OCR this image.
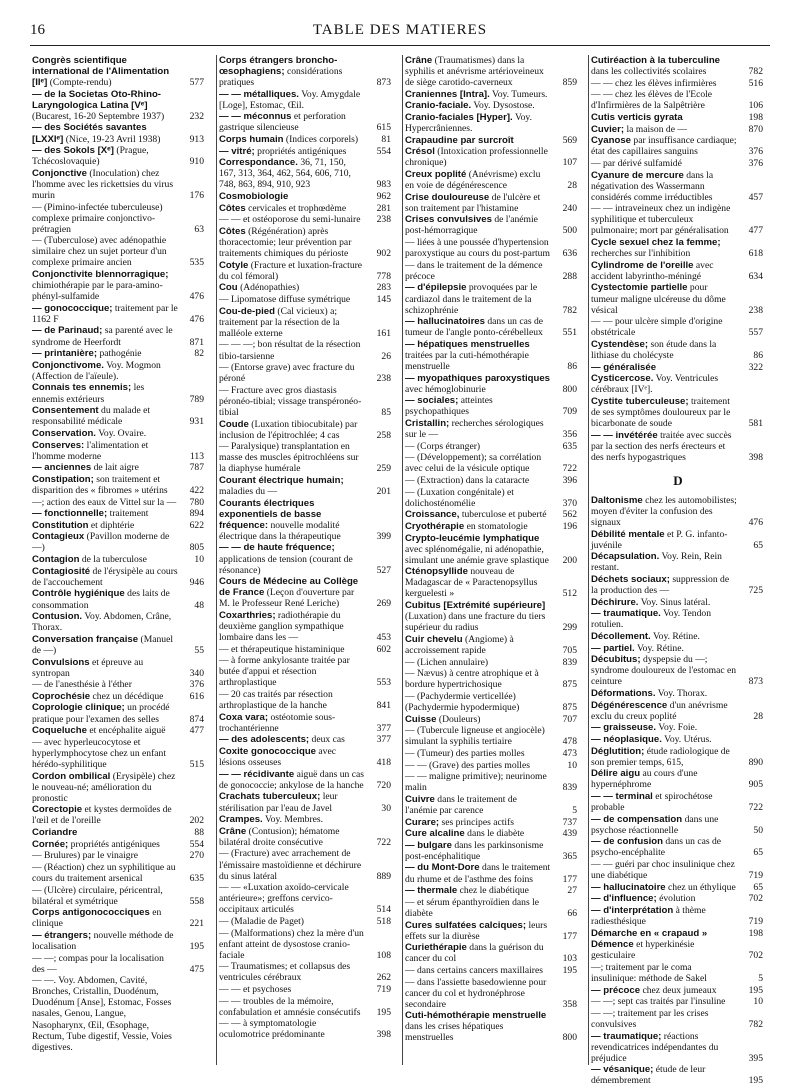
16	TABLE DES MATIERES
Congrès scientifique international de l'Alimentation [IIᵉ] (Compte-rendu)	577
— de la Societas Oto-Rhino-Laryngologica Latina [Vᵉ] (Bucarest, 16-20 Septembre 1937)	232
— des Sociétés savantes [LXXIᵉ] (Nice, 19-23 Avril 1938)	913
— des Sokols [Xᵉ] (Prague, Tchécoslovaquie)	910
Conjonctive (Inoculation) chez l'homme avec les rickettsies du virus murin	176
— (Pimino-infectée tuberculeuse) complexe primaire conjonctivo-prétragien	63
— (Tuberculose) avec adénopathie similaire chez un sujet porteur d'un complexe primaire ancien	535
Conjonctivite blennorragique; chimiothérapie par le para-amino-phényl-sulfamide	476
— gonococcique; traitement par le 1162 F	476
— de Parinaud; sa parenté avec le syndrome de Heerfordt	871
— printanière; pathogénie	82
Conjonctivome. Voy. Mogmon (Affection de l'aïeule).
Connais tes ennemis; les ennemis extérieurs	789
Consentement du malade et responsabilité médicale	931
Conservation. Voy. Ovaire.
Conserves: l'alimentation et l'homme moderne	113
— anciennes de lait aigre	787
Constipation; son traitement et disparition des « fibromes » utérins 422
—; action des eaux de Vittel sur la — 780
— fonctionnelle; traitement	894
Constitution et diphtérie	622
Contagieux (Pavillon moderne de —)	805
Contagion de la tuberculose	10
Contagiosité de l'érysipèle au cours de l'accouchement	946
Contrôle hygiénique des laits de consommation	48
Contusion. Voy. Abdomen, Crâne, Thorax.
Conversation française (Manuel de —)	55
Convulsions et épreuve au syntropan	340
— de l'anesthésie à l'éther	376
Coprochésie chez un décédique	616
Coprologie clinique; un procédé pratique pour l'examen des selles	874
Coqueluche et encéphalite aiguë	477
— avec hyperleucocytose et hyperlymphocytose chez un enfant hérédo-syphilitique	515
Cordon ombilical (Erysipèle) chez le nouveau-né; amélioration du pronostic
Corectopie et kystes dermoïdes de l'œil et de l'oreille	202
Coriandre	88
Cornée; propriétés antigéniques	554
— Brulures) par le vinaigre	270
— (Réaction) chez un syphilitique au cours du traitement arsenical	635
— (Ulcère) circulaire, péricentral, bilatéral et symétrique	558
Corps antigonococciques en clinique	221
— étrangers; nouvelle méthode de localisation	195
— —; compas pour la localisation des —	475
— —. Voy. Abdomen, Cavité, Bronches, Cristallin, Duodénum, Duodénum [Anse], Estomac, Fosses nasales, Genou, Langue, Nasopharynx, Œil, Œsophage, Rectum, Tube digestif, Vessie, Voies digestives.
Corps étrangers broncho-œsophagiens; considérations pratiques	873
— — métalliques. Voy. Amygdale [Loge], Estomac, Œil.
— — méconnus et perforation gastrique silencieuse	615
Corps humain (Indices corporels) 81
— vitré; propriétés antigéniques	554
Correspondance. 36, 71, 150, 167, 313, 364, 462, 564, 606, 710, 748, 863, 894, 910, 923	983
Cosmobiologie	962
Côtes cervicales et trophœdème	281
— — et ostéoporose du semi-lunaire 238
Côtes (Régénération) après thoracectomie; leur prévention par traitements chimiques du périoste	902
Cotyle (Fracture et luxation-fracture du col fémoral)	778
Cou (Adénopathies)	283
— Lipomatose diffuse symétrique	145
Cou-de-pied (Cal vicieux) a; traitement par la résection de la malléole externe	161
— — —; bon résultat de la résection tibio-tarsienne	26
— (Entorse grave) avec fracture du péroné	238
— Fracture avec gros diastasis péronéo-tibial; vissage transpéronéo-tibial	85
Coude (Luxation tibiocubitale) par inclusion de l'épitrochlée; 4 cas	258
— Paralysique) transplantation en masse des muscles épitrochléens sur la diaphyse humérale	259
Courant électrique humain; maladies du —	201
Courants électriques exponentiels de basse fréquence: nouvelle modalité électrique dans la thérapeutique	399
— — de haute fréquence; applications de tension (courant de résonance)	527
Cours de Médecine au Collège de France (Leçon d'ouverture par M. le Professeur René Leriche)	269
Coxarthries; radiothérapie du deuxième ganglion sympathique lombaire dans les —	453
— et thérapeutique histaminique	602
— à forme ankylosante traitée par butée d'appui et résection arthroplastique	553
— 20 cas traités par résection arthroplastique de la hanche	841
Coxa vara; ostéotomie sous-trochantérienne	377
— des adolescents; deux cas	377
Coxite gonococcique avec lésions osseuses	418
— — récidivante aiguë dans un cas de gonococcie; ankylose de la hanche 720
Crachats tuberculeux; leur stérilisation par l'eau de Javel	30
Crampes. Voy. Membres.
Crâne (Contusion); hématome bilatéral droite consécutive	722
— (Fracture) avec arrachement de l'émissaire mastoïdienne et déchirure du sinus latéral	889
— — «Luxation axoïdo-cervicale antérieure»; greffons cervico-occipitaux articulés	514
— (Maladie de Paget)	518
— (Malformations) chez la mère d'un enfant atteint de dysostose cranio-faciale	108
— Traumatismes; et collapsus des ventricules cérébraux	262
— — et psychoses	719
— — troubles de la mémoire, confabulation et amnésie consécutifs 195
— — à symptomatologie oculomotrice prédominante	398
Crâne (Traumatismes) dans la syphilis et anévrisme artérioveineux de siège carotido-caverneux	859
Craniennes [Intra]. Voy. Tumeurs.
Cranio-faciale. Voy. Dysostose.
Cranio-faciales [Hyper]. Voy. Hypercrâniennes.
Crapaudine par surcroît	569
Crésol (Intoxication professionnelle chronique)	107
Creux poplité (Anévrisme) exclu en voie de dégénérescence	28
Crise douloureuse de l'ulcère et son traitement par l'histamine	240
Crises convulsives de l'anémie post-hémorragique	500
— liées à une poussée d'hypertension paroxystique au cours du post-partum 636
— dans le traitement de la démence précoce	288
— d'épilepsie provoquées par le cardiazol dans le traitement de la schizophrénie	782
— hallucinatoires dans un cas de tumeur de l'angle ponto-cérébelleux 551
— hépatiques menstruelles traitées par la cuti-hémothérapie menstruelle	86
— myopathiques paroxystiques avec hémoglobinurie	800
— sociales; atteintes psychopathiques	709
Cristallin; recherches sérologiques sur le —	356
— (Corps étranger)	635
— (Développement); sa corrélation avec celui de la vésicule optique	722
— (Extraction) dans la cataracte	396
— (Luxation congénitale) et dolichosténomélie	370
Croissance, tuberculose et puberté 562
Cryothérapie en stomatologie	196
Crypto-leucémie lymphatique avec splénomégalie, ni adénopathie, simulant une anémie grave splastique 200
Cténopsyllide nouveau de Madagascar de « Paractenopsyllus kerguelesti »	512
Cubitus [Extrémité supérieure] (Luxation) dans une fracture du tiers supérieur du radius	299
Cuir chevelu (Angiome) à accroissement rapide	705
— (Lichen annulaire)	839
— Nævus) à centre atrophique et à bordure hypertrichosique	875
— (Pachydermie verticellée) (Pachydermie hypodermique)	875
Cuisse (Douleurs)	707
— (Tubercule ligneuse et angiocèle) simulant la syphilis tertiaire	478
— (Tumeur) des parties molles	473
— — (Grave) des parties molles	10
— — maligne primitive); neurinome malin	839
Cuivre dans le traitement de l'anémie par carence	5
Curare; ses principes actifs	737
Cure alcaline dans le diabète	439
— bulgare dans les parkinsonisme post-encéphalitique	365
— du Mont-Dore dans le traitement du rhume et de l'asthme des foins	177
— thermale chez le diabétique	27
— et sérum épanthyroïdien dans le diabète	66
Cures sulfatées calciques; leurs effets sur la diurèse	177
Curiethérapie dans la guérison du cancer du col	103
— dans certains cancers maxillaires 195
— dans l'assiette basedowienne pour cancer du col et hydronéphrose secondaire	358
Cuti-hémothérapie menstruelle dans les crises hépatiques menstruelles	800
Cutiréaction à la tuberculine dans les collectivités scolaires	782
— — chez les élèves infirmières	516
— — chez les élèves de l'Ecole d'Infirmières de la Salpêtrière	106
Cutis verticis gyrata	198
Cuvier; la maison de —	870
Cyanose par insuffisance cardiaque; état des capillaires sanguins	376
— par dérivé sulfamidé	376
Cyanure de mercure dans la négativation des Wassermann considérés comme irréductibles	457
— — intraveineux chez un indigène syphilitique et tuberculeux pulmonaire; mort par généralisation 477
Cycle sexuel chez la femme; recherches sur l'inhibition	618
Cylindrome de l'oreille avec accident labyrintho-méningé	634
Cystectomie partielle pour tumeur maligne ulcéreuse du dôme vésical	238
— — pour ulcère simple d'origine obstétricale	557
Cystendèse; son étude dans la lithiase du cholécyste	86
— généralisée	322
Cysticercose. Voy. Ventricules cérébraux [IVᵉ].
Cystite tuberculeuse; traitement de ses symptômes douloureux par le bicarbonate de soude	581
— — invétérée traitée avec succès par la section des nerfs érecteurs et des nerfs hypogastriques	398
D
Daltonisme chez les automobilistes; moyen d'éviter la confusion des signaux	476
Débilité mentale et P. G. infanto-juvénile	65
Décapsulation. Voy. Rein, Rein restant.
Déchets sociaux; suppression de la production des —	725
Déchirure. Voy. Sinus latéral.
— traumatique. Voy. Tendon rotulien.
Décollement. Voy. Rétine.
— partiel. Voy. Rétine.
Décubitus; dyspepsie du —; syndrome douloureux de l'estomac en ceinture	873
Déformations. Voy. Thorax.
Dégénérescence d'un anévrisme exclu du creux poplité	28
— graisseuse. Voy. Foie.
— néoplasique. Voy. Utérus.
Déglutition; étude radiologique de son premier temps, 615,	890
Délire aigu au cours d'une hypernéphrome	905
— — terminal et spirochétose probable	722
— de compensation dans une psychose réactionnelle	50
— de confusion dans un cas de psycho-encéphalite	65
— — guéri par choc insulinique chez une diabétique	719
— hallucinatoire chez un éthylique 65
— d'influence; évolution	702
— d'interprétation à thème radiesthésique	719
Démarche en « crapaud »	198
Démence et hyperkinésie gesticulaire	702
—; traitement par le coma insulinique: méthode de Sakel	5
— précoce chez deux jumeaux	195
— —; sept cas traités par l'insuline	10
— —; traitement par les crises convulsives	782
— traumatique; réactions revendicatrices indépendantes du préjudice	395
— vésanique; étude de leur démembrement	195
